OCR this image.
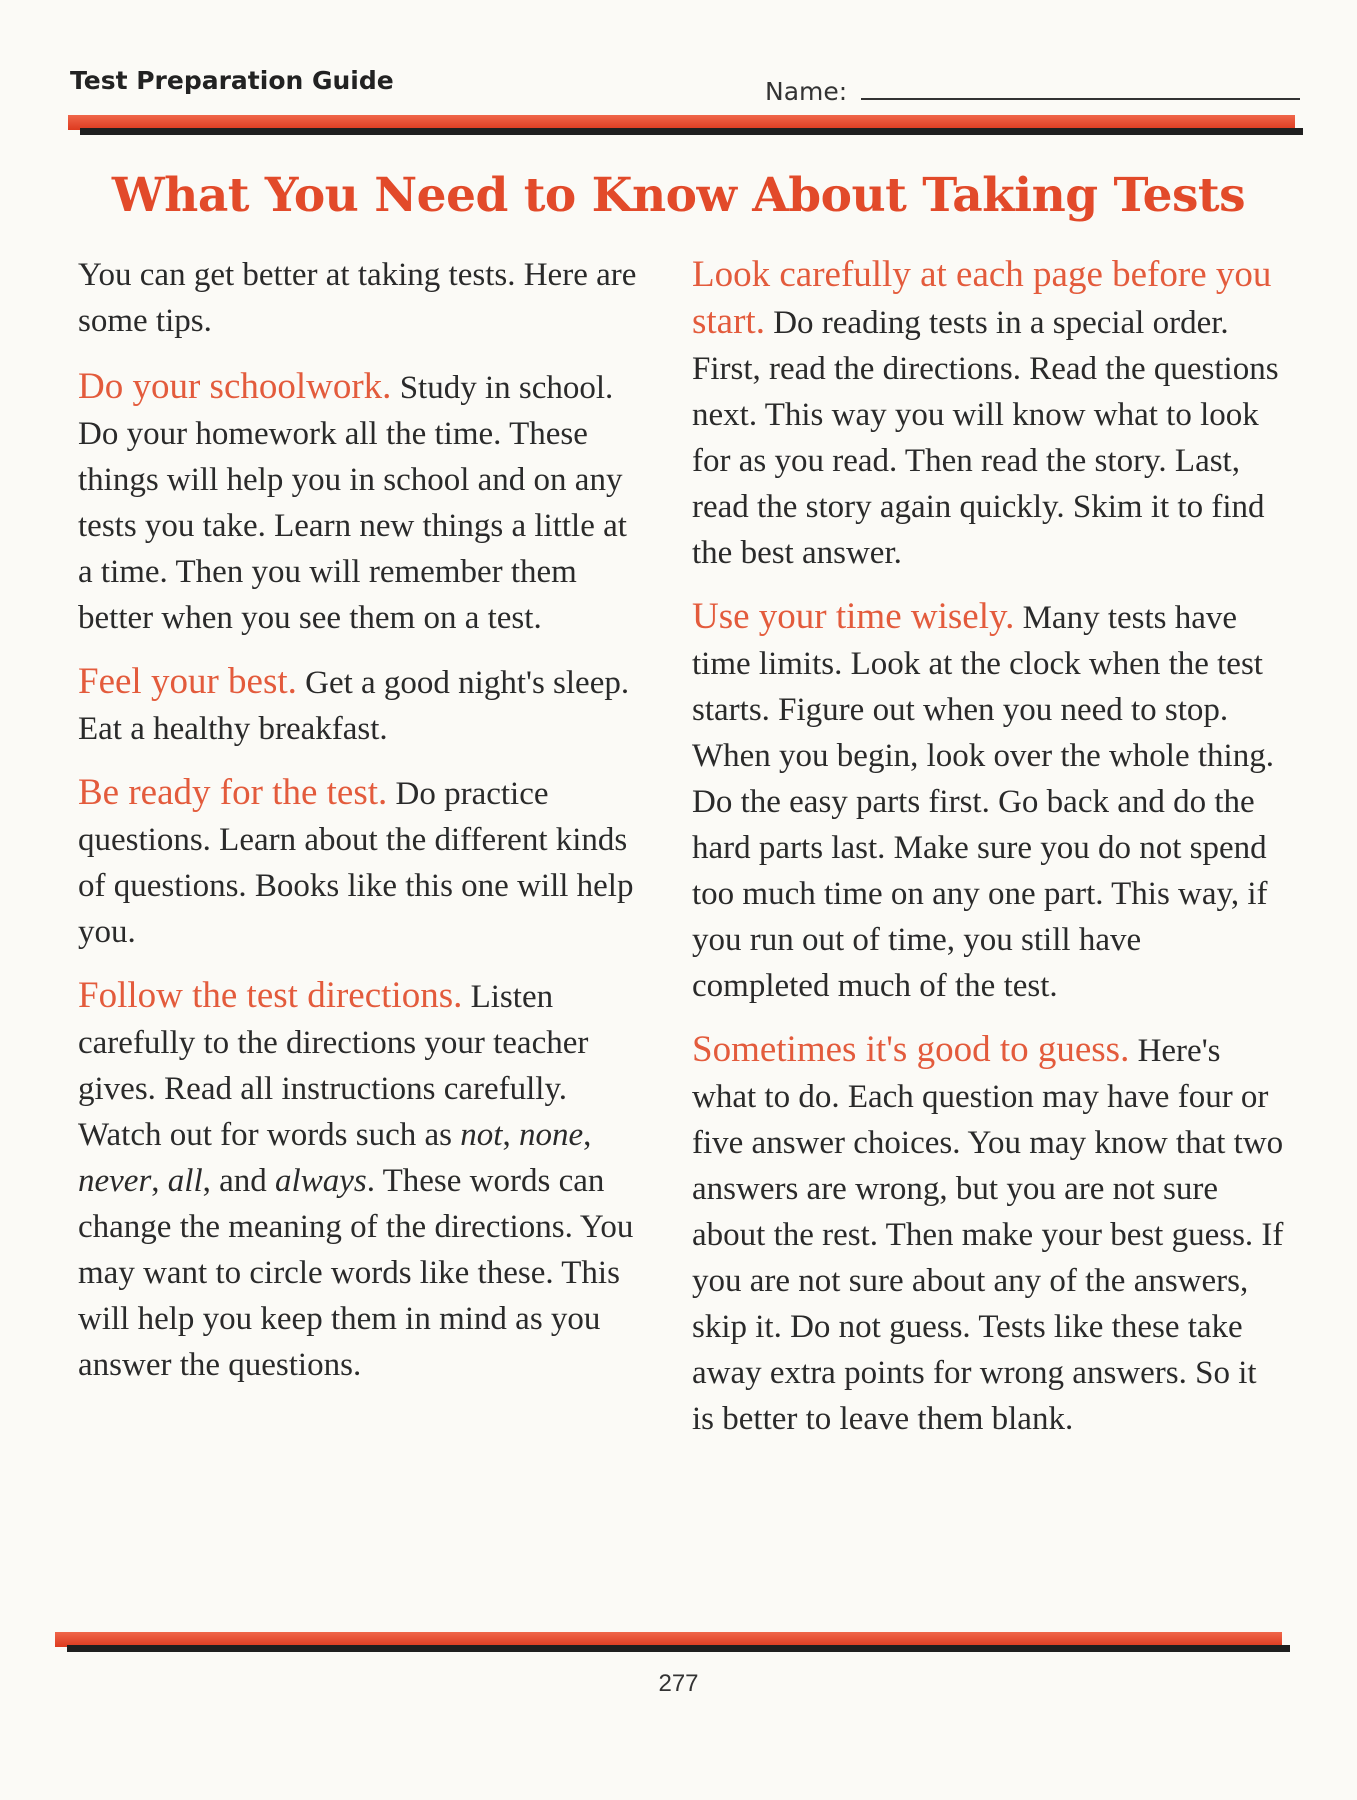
Test Preparation Guide	Name:
What You Need to Know About Taking Tests

You can get better at taking tests. Here are some tips.

Do your schoolwork. Study in school. Do your homework all the time. These things will help you in school and on any tests you take. Learn new things a little at a time. Then you will remember them better when you see them on a test.

Feel your best. Get a good night's sleep. Eat a healthy breakfast.

Be ready for the test. Do practice questions. Learn about the different kinds of questions. Books like this one will help you.

Follow the test directions. Listen carefully to the directions your teacher gives. Read all instructions carefully. Watch out for words such as not, none, never, all, and always. These words can change the meaning of the directions. You may want to circle words like these. This will help you keep them in mind as you answer the questions.

Look carefully at each page before you start. Do reading tests in a special order. First, read the directions. Read the questions next. This way you will know what to look for as you read. Then read the story. Last, read the story again quickly. Skim it to find the best answer.

Use your time wisely. Many tests have time limits. Look at the clock when the test starts. Figure out when you need to stop. When you begin, look over the whole thing. Do the easy parts first. Go back and do the hard parts last. Make sure you do not spend too much time on any one part. This way, if you run out of time, you still have completed much of the test.

Sometimes it's good to guess. Here's what to do. Each question may have four or five answer choices. You may know that two answers are wrong, but you are not sure about the rest. Then make your best guess. If you are not sure about any of the answers, skip it. Do not guess. Tests like these take away extra points for wrong answers. So it is better to leave them blank.

277
